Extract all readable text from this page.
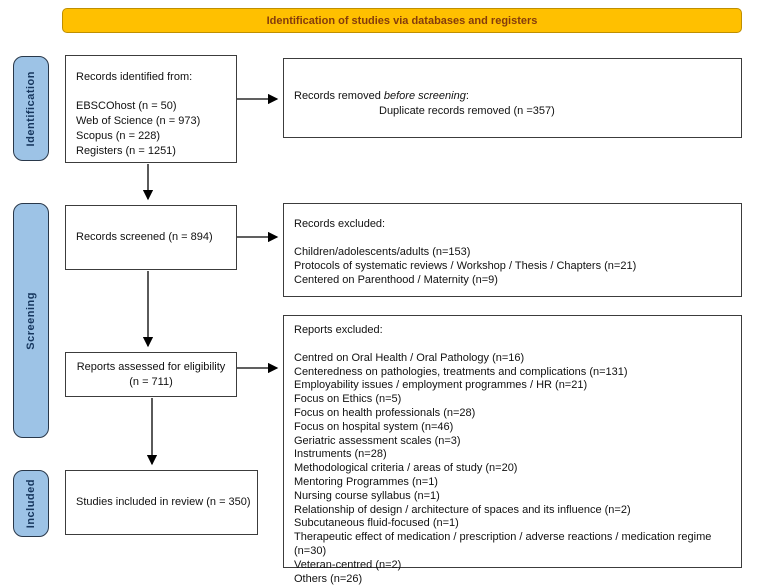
Identification of studies via databases and registers
Identification
Screening
Included
Records identified from:
EBSCOhost (n = 50)
Web of Science (n = 973)
Scopus (n = 228)
Registers (n = 1251)
Records removed before screening:
Duplicate records removed (n =357)
Records screened (n = 894)
Records excluded:
Children/adolescents/adults (n=153)
Protocols of systematic reviews / Workshop / Thesis / Chapters (n=21)
Centered on Parenthood / Maternity (n=9)
Reports assessed for eligibility
(n = 711)
Reports excluded:
Centred on Oral Health / Oral Pathology (n=16)
Centeredness on pathologies, treatments and complications (n=131)
Employability issues / employment programmes / HR (n=21)
Focus on Ethics (n=5)
Focus on health professionals (n=28)
Focus on hospital system (n=46)
Geriatric assessment scales (n=3)
Instruments (n=28)
Methodological criteria / areas of study (n=20)
Mentoring Programmes (n=1)
Nursing course syllabus (n=1)
Relationship of design / architecture of spaces and its influence (n=2)
Subcutaneous fluid-focused (n=1)
Therapeutic effect of medication / prescription / adverse reactions / medication regime (n=30)
Veteran-centred (n=2)
Others (n=26)
Studies included in review (n = 350)
